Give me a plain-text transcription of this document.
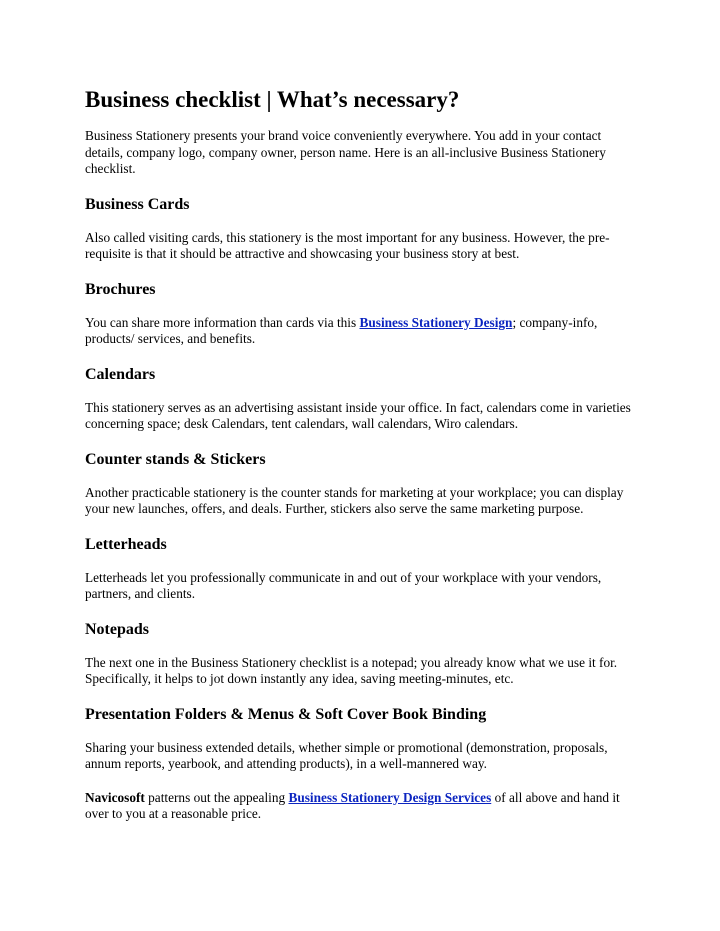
Business checklist | What’s necessary?

Business Stationery presents your brand voice conveniently everywhere. You add in your contact details, company logo, company owner, person name. Here is an all-inclusive Business Stationery checklist.

Business Cards

Also called visiting cards, this stationery is the most important for any business. However, the pre-requisite is that it should be attractive and showcasing your business story at best.

Brochures

You can share more information than cards via this Business Stationery Design; company-info, products/ services, and benefits.

Calendars

This stationery serves as an advertising assistant inside your office. In fact, calendars come in varieties concerning space; desk Calendars, tent calendars, wall calendars, Wiro calendars.

Counter stands & Stickers

Another practicable stationery is the counter stands for marketing at your workplace; you can display your new launches, offers, and deals. Further, stickers also serve the same marketing purpose.

Letterheads

Letterheads let you professionally communicate in and out of your workplace with your vendors, partners, and clients.

Notepads

The next one in the Business Stationery checklist is a notepad; you already know what we use it for. Specifically, it helps to jot down instantly any idea, saving meeting-minutes, etc.

Presentation Folders & Menus & Soft Cover Book Binding

Sharing your business extended details, whether simple or promotional (demonstration, proposals, annum reports, yearbook, and attending products), in a well-mannered way.

Navicosoft patterns out the appealing Business Stationery Design Services of all above and hand it over to you at a reasonable price.
